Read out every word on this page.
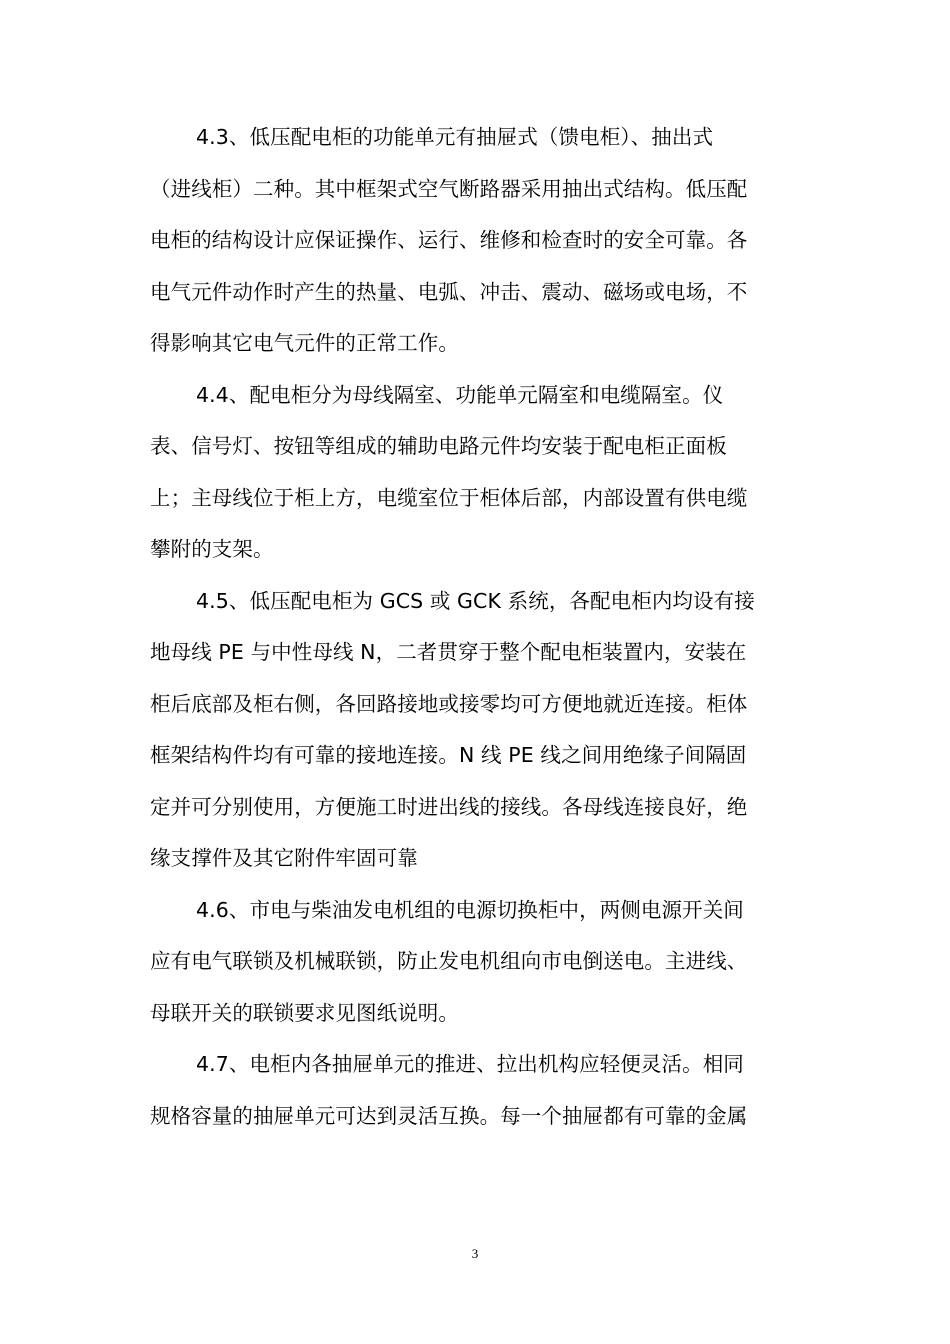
4.3、低压配电柜的功能单元有抽屉式（馈电柜）、抽出式
（进线柜）二种。其中框架式空气断路器采用抽出式结构。低压配
电柜的结构设计应保证操作、运行、维修和检查时的安全可靠。各
电气元件动作时产生的热量、电弧、冲击、震动、磁场或电场，不
得影响其它电气元件的正常工作。
4.4、配电柜分为母线隔室、功能单元隔室和电缆隔室。仪
表、信号灯、按钮等组成的辅助电路元件均安装于配电柜正面板
上；主母线位于柜上方，电缆室位于柜体后部，内部设置有供电缆
攀附的支架。
4.5、低压配电柜为 GCS 或 GCK 系统，各配电柜内均设有接
地母线 PE 与中性母线 N，二者贯穿于整个配电柜装置内，安装在
柜后底部及柜右侧，各回路接地或接零均可方便地就近连接。柜体
框架结构件均有可靠的接地连接。N 线 PE 线之间用绝缘子间隔固
定并可分别使用，方便施工时进出线的接线。各母线连接良好，绝
缘支撑件及其它附件牢固可靠
4.6、市电与柴油发电机组的电源切换柜中，两侧电源开关间
应有电气联锁及机械联锁，防止发电机组向市电倒送电。主进线、
母联开关的联锁要求见图纸说明。
4.7、电柜内各抽屉单元的推进、拉出机构应轻便灵活。相同
规格容量的抽屉单元可达到灵活互换。每一个抽屉都有可靠的金属
3
